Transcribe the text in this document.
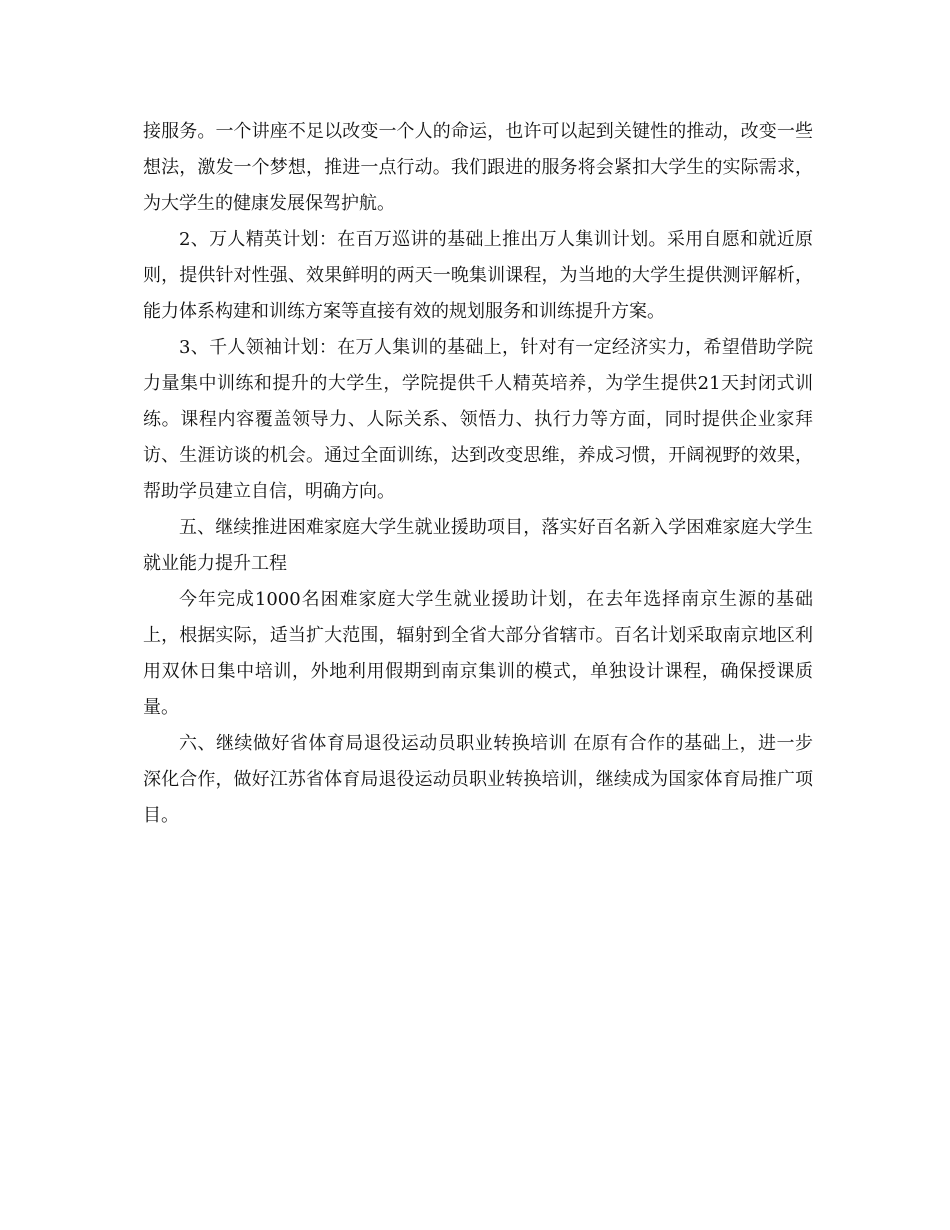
接服务。一个讲座不足以改变一个人的命运，也许可以起到关键性的推动，改变一些想法，激发一个梦想，推进一点行动。我们跟进的服务将会紧扣大学生的实际需求，为大学生的健康发展保驾护航。

2、万人精英计划：在百万巡讲的基础上推出万人集训计划。采用自愿和就近原则，提供针对性强、效果鲜明的两天一晚集训课程，为当地的大学生提供测评解析，能力体系构建和训练方案等直接有效的规划服务和训练提升方案。

3、千人领袖计划：在万人集训的基础上，针对有一定经济实力，希望借助学院力量集中训练和提升的大学生，学院提供千人精英培养，为学生提供21天封闭式训练。课程内容覆盖领导力、人际关系、领悟力、执行力等方面，同时提供企业家拜访、生涯访谈的机会。通过全面训练，达到改变思维，养成习惯，开阔视野的效果，帮助学员建立自信，明确方向。

五、继续推进困难家庭大学生就业援助项目，落实好百名新入学困难家庭大学生就业能力提升工程

今年完成1000名困难家庭大学生就业援助计划，在去年选择南京生源的基础上，根据实际，适当扩大范围，辐射到全省大部分省辖市。百名计划采取南京地区利用双休日集中培训，外地利用假期到南京集训的模式，单独设计课程，确保授课质量。

六、继续做好省体育局退役运动员职业转换培训 在原有合作的基础上，进一步深化合作，做好江苏省体育局退役运动员职业转换培训，继续成为国家体育局推广项目。
